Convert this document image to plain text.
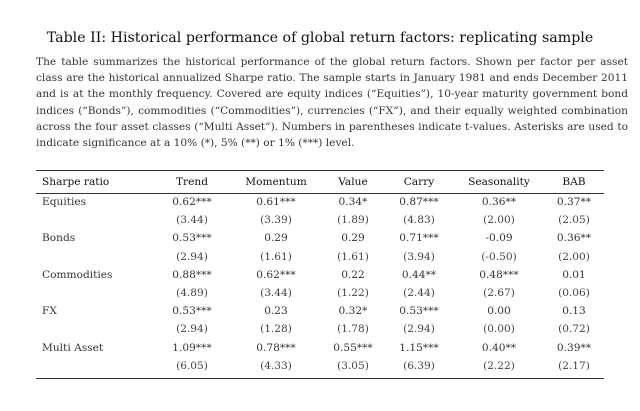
Table II: Historical performance of global return factors: replicating sample
The table summarizes the historical performance of the global return factors. Shown per factor per asset class are the historical annualized Sharpe ratio. The sample starts in January 1981 and ends December 2011 and is at the monthly frequency. Covered are equity indices (“Equities”), 10-year maturity government bond indices (“Bonds”), commodities (“Commodities”), currencies (“FX”), and their equally weighted combination across the four asset classes (“Multi Asset”). Numbers in parentheses indicate t-values. Asterisks are used to indicate significance at a 10% (*), 5% (**) or 1% (***) level.
Sharpe ratio	Trend	Momentum	Value	Carry	Seasonality	BAB
Equities	0.62***	0.61***	0.34*	0.87***	0.36**	0.37**
	(3.44)	(3.39)	(1.89)	(4.83)	(2.00)	(2.05)
Bonds	0.53***	0.29	0.29	0.71***	-0.09	0.36**
	(2.94)	(1.61)	(1.61)	(3.94)	(-0.50)	(2.00)
Commodities	0.88***	0.62***	0.22	0.44**	0.48***	0.01
	(4.89)	(3.44)	(1.22)	(2.44)	(2.67)	(0.06)
FX	0.53***	0.23	0.32*	0.53***	0.00	0.13
	(2.94)	(1.28)	(1.78)	(2.94)	(0.00)	(0.72)
Multi Asset	1.09***	0.78***	0.55***	1.15***	0.40**	0.39**
	(6.05)	(4.33)	(3.05)	(6.39)	(2.22)	(2.17)
